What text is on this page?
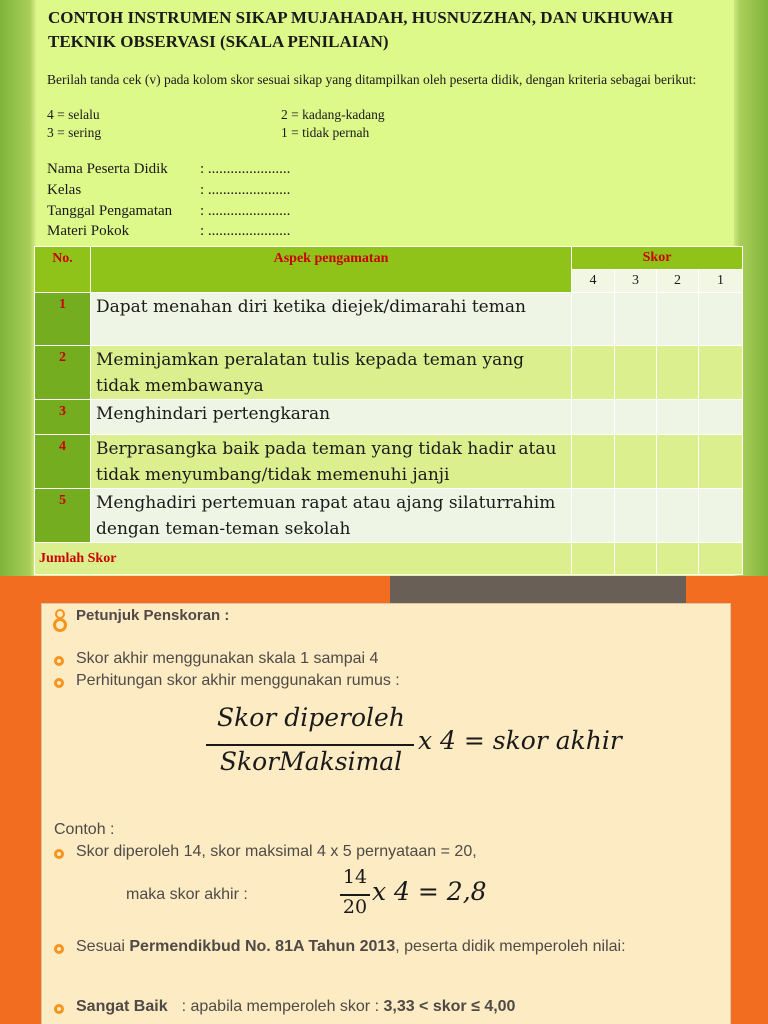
CONTOH INSTRUMEN SIKAP MUJAHADAH, HUSNUZZHAN, DAN UKHUWAH TEKNIK OBSERVASI (SKALA PENILAIAN)
Berilah tanda cek (v) pada kolom skor sesuai sikap yang ditampilkan oleh peserta didik, dengan kriteria sebagai berikut:
4 = selalu	2 = kadang-kadang
3 = sering	1 = tidak pernah
Nama Peserta Didik : ......................
Kelas	: ......................
Tanggal Pengamatan : ......................
Materi Pokok	: ......................
No.	Aspek pengamatan	Skor			
		4	3	2	1
1	Dapat menahan diri ketika diejek/dimarahi teman				
2	Meminjamkan peralatan tulis kepada teman yang tidak membawanya				
3	Menghindari pertengkaran				
4	Berprasangka baik pada teman yang tidak hadir atau tidak menyumbang/tidak memenuhi janji				
5	Menghadiri pertemuan rapat atau ajang silaturrahim dengan teman-teman sekolah				
Jumlah Skor					
Petunjuk Penskoran :
Skor akhir menggunakan skala 1 sampai 4
Perhitungan skor akhir menggunakan rumus :
Skor diperoleh
SkorMaksimal
x 4 = skor akhir
Contoh :
Skor diperoleh 14, skor maksimal 4 x 5 pernyataan = 20,
maka skor akhir :
14
20
x 4 = 2,8
Sesuai Permendikbud No. 81A Tahun 2013, peserta didik memperoleh nilai:
Sangat Baik : apabila memperoleh skor : 3,33 < skor ≤ 4,00
